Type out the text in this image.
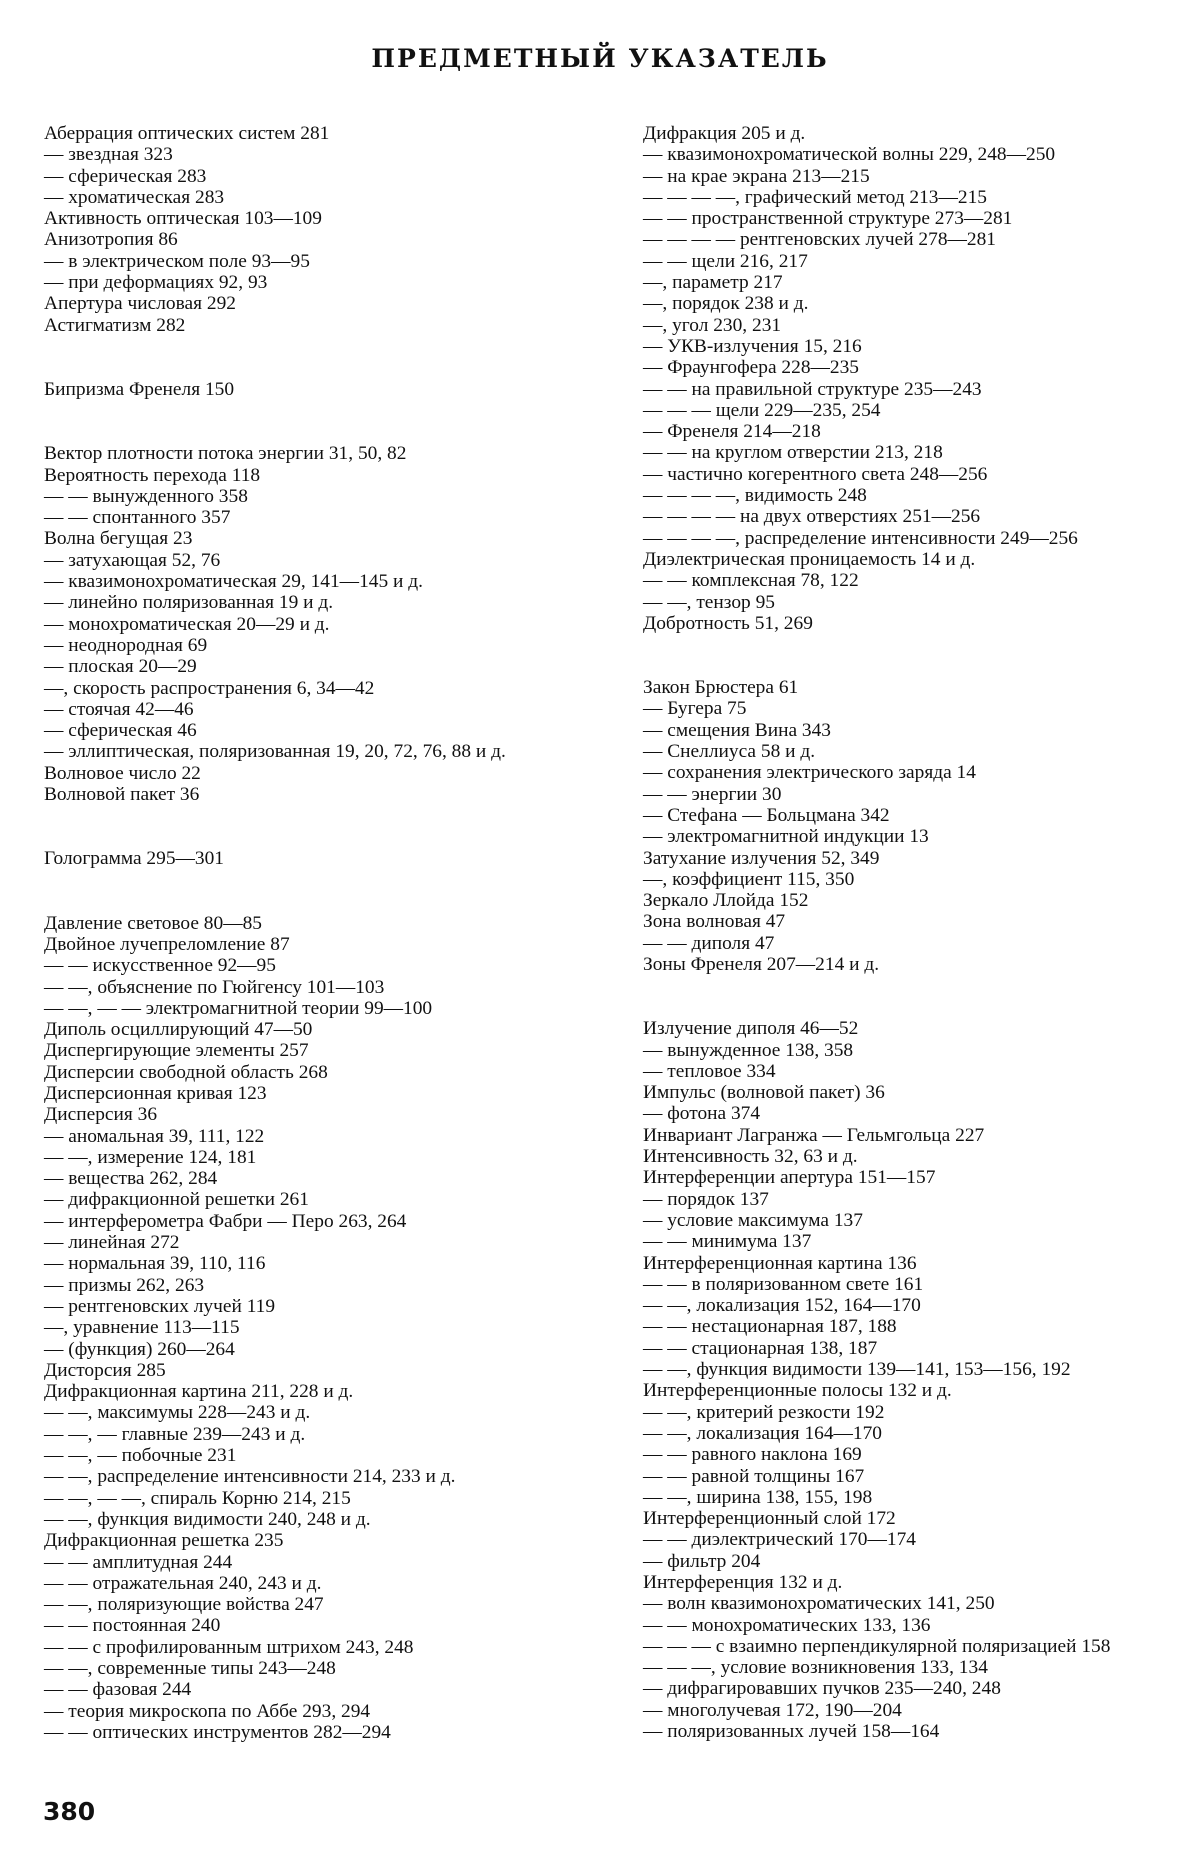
ПРЕДМЕТНЫЙ УКАЗАТЕЛЬ
Аберрация оптических систем 281
— звездная 323
— сферическая 283
— хроматическая 283
Активность оптическая 103—109
Анизотропия 86
— в электрическом поле 93—95
— при деформациях 92, 93
Апертура числовая 292
Астигматизм 282
Бипризма Френеля 150
Вектор плотности потока энергии 31, 50, 82
Вероятность перехода 118
— — вынужденного 358
— — спонтанного 357
Волна бегущая 23
— затухающая 52, 76
— квазимонохроматическая 29, 141—145 и д.
— линейно поляризованная 19 и д.
— монохроматическая 20—29 и д.
— неоднородная 69
— плоская 20—29
—, скорость распространения 6, 34—42
— стоячая 42—46
— сферическая 46
— эллиптическая, поляризованная 19, 20, 72, 76, 88 и д.
Волновое число 22
Волновой пакет 36
Голограмма 295—301
Давление световое 80—85
Двойное лучепреломление 87
— — искусственное 92—95
— —, объяснение по Гюйгенсу 101—103
— —, — — электромагнитной теории 99—100
Диполь осциллирующий 47—50
Диспергирующие элементы 257
Дисперсии свободной область 268
Дисперсионная кривая 123
Дисперсия 36
— аномальная 39, 111, 122
— —, измерение 124, 181
— вещества 262, 284
— дифракционной решетки 261
— интерферометра Фабри — Перо 263, 264
— линейная 272
— нормальная 39, 110, 116
— призмы 262, 263
— рентгеновских лучей 119
—, уравнение 113—115
— (функция) 260—264
Дисторсия 285
Дифракционная картина 211, 228 и д.
— —, максимумы 228—243 и д.
— —, — главные 239—243 и д.
— —, — побочные 231
— —, распределение интенсивности 214, 233 и д.
— —, — —, спираль Корню 214, 215
— —, функция видимости 240, 248 и д.
Дифракционная решетка 235
— — амплитудная 244
— — отражательная 240, 243 и д.
— —, поляризующие войства 247
— — постоянная 240
— — с профилированным штрихом 243, 248
— —, современные типы 243—248
— — фазовая 244
— теория микроскопа по Аббе 293, 294
— — оптических инструментов 282—294
Дифракция 205 и д.
— квазимонохроматической волны 229, 248—250
— на крае экрана 213—215
— — — —, графический метод 213—215
— — пространственной структуре 273—281
— — — — рентгеновских лучей 278—281
— — щели 216, 217
—, параметр 217
—, порядок 238 и д.
—, угол 230, 231
— УКВ-излучения 15, 216
— Фраунгофера 228—235
— — на правильной структуре 235—243
— — — щели 229—235, 254
— Френеля 214—218
— — на круглом отверстии 213, 218
— частично когерентного света 248—256
— — — —, видимость 248
— — — — на двух отверстиях 251—256
— — — —, распределение интенсивности 249—256
Диэлектрическая проницаемость 14 и д.
— — комплексная 78, 122
— —, тензор 95
Добротность 51, 269
Закон Брюстера 61
— Бугера 75
— смещения Вина 343
— Снеллиуса 58 и д.
— сохранения электрического заряда 14
— — энергии 30
— Стефана — Больцмана 342
— электромагнитной индукции 13
Затухание излучения 52, 349
—, коэффициент 115, 350
Зеркало Ллойда 152
Зона волновая 47
— — диполя 47
Зоны Френеля 207—214 и д.
Излучение диполя 46—52
— вынужденное 138, 358
— тепловое 334
Импульс (волновой пакет) 36
— фотона 374
Инвариант Лагранжа — Гельмгольца 227
Интенсивность 32, 63 и д.
Интерференции апертура 151—157
— порядок 137
— условие максимума 137
— — минимума 137
Интерференционная картина 136
— — в поляризованном свете 161
— —, локализация 152, 164—170
— — нестационарная 187, 188
— — стационарная 138, 187
— —, функция видимости 139—141, 153—156, 192
Интерференционные полосы 132 и д.
— —, критерий резкости 192
— —, локализация 164—170
— — равного наклона 169
— — равной толщины 167
— —, ширина 138, 155, 198
Интерференционный слой 172
— — диэлектрический 170—174
— фильтр 204
Интерференция 132 и д.
— волн квазимонохроматических 141, 250
— — монохроматических 133, 136
— — — с взаимно перпендикулярной поляризацией 158
— — —, условие возникновения 133, 134
— дифрагировавших пучков 235—240, 248
— многолучевая 172, 190—204
— поляризованных лучей 158—164
380
